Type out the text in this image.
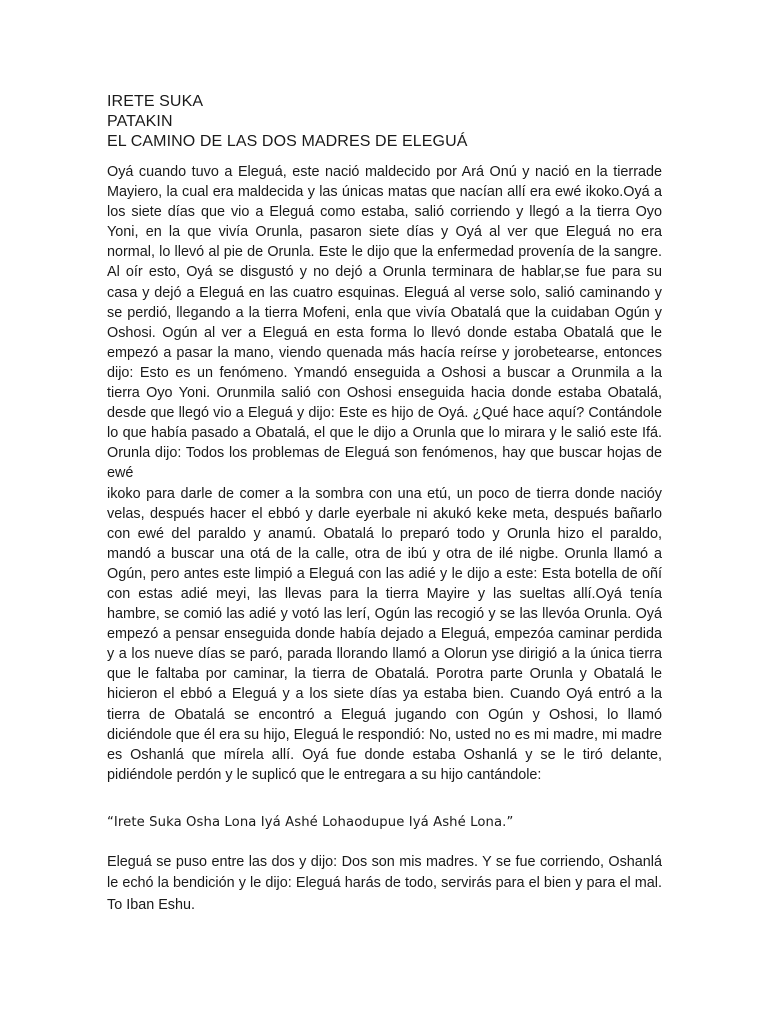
IRETE SUKA
PATAKIN
EL CAMINO DE LAS DOS MADRES DE ELEGUÁ

Oyá cuando tuvo a Eleguá, este nació maldecido por Ará Onú y nació en la tierrade Mayiero, la cual era maldecida y las únicas matas que nacían allí era ewé ikoko.Oyá a los siete días que vio a Eleguá como estaba, salió corriendo y llegó a la tierra Oyo Yoni, en la que vivía Orunla, pasaron siete días y Oyá al ver que Eleguá no era normal, lo llevó al pie de Orunla. Este le dijo que la enfermedad provenía de la sangre. Al oír esto, Oyá se disgustó y no dejó a Orunla terminara de hablar,se fue para su casa y dejó a Eleguá en las cuatro esquinas. Eleguá al verse solo, salió caminando y se perdió, llegando a la tierra Mofeni, enla que vivía Obatalá que la cuidaban Ogún y Oshosi. Ogún al ver a Eleguá en esta forma lo llevó donde estaba Obatalá que le empezó a pasar la mano, viendo quenada más hacía reírse y jorobetearse, entonces dijo: Esto es un fenómeno. Ymandó enseguida a Oshosi a buscar a Orunmila a la tierra Oyo Yoni. Orunmila salió con Oshosi enseguida hacia donde estaba Obatalá, desde que llegó vio a Eleguá y dijo: Este es hijo de Oyá. ¿Qué hace aquí? Contándole lo que había pasado a Obatalá, el que le dijo a Orunla que lo mirara y le salió este Ifá. Orunla dijo: Todos los problemas de Eleguá son fenómenos, hay que buscar hojas de ewé

ikoko para darle de comer a la sombra con una etú, un poco de tierra donde nacióy velas, después hacer el ebbó y darle eyerbale ni akukó keke meta, después bañarlo con ewé del paraldo y anamú. Obatalá lo preparó todo y Orunla hizo el paraldo, mandó a buscar una otá de la calle, otra de ibú y otra de ilé nigbe. Orunla llamó a Ogún, pero antes este limpió a Eleguá con las adié y le dijo a este: Esta botella de oñí con estas adié meyi, las llevas para la tierra Mayire y las sueltas allí.Oyá tenía hambre, se comió las adié y votó las lerí, Ogún las recogió y se las llevóa Orunla. Oyá empezó a pensar enseguida donde había dejado a Eleguá, empezóa caminar perdida y a los nueve días se paró, parada llorando llamó a Olorun yse dirigió a la única tierra que le faltaba por caminar, la tierra de Obatalá. Porotra parte Orunla y Obatalá le hicieron el ebbó a Eleguá y a los siete días ya estaba bien. Cuando Oyá entró a la tierra de Obatalá se encontró a Eleguá jugando con Ogún y Oshosi, lo llamó diciéndole que él era su hijo, Eleguá le respondió: No, usted no es mi madre, mi madre es Oshanlá que mírela allí. Oyá fue donde estaba Oshanlá y se le tiró delante, pidiéndole perdón y le suplicó que le entregara a su hijo cantándole:

“Irete Suka Osha Lona Iyá Ashé Lohaodupue Iyá Ashé Lona.”
Eleguá se puso entre las dos y dijo: Dos son mis madres. Y se fue corriendo, Oshanlá le echó la bendición y le dijo: Eleguá harás de todo, servirás para el bien y para el mal. To Iban Eshu.
